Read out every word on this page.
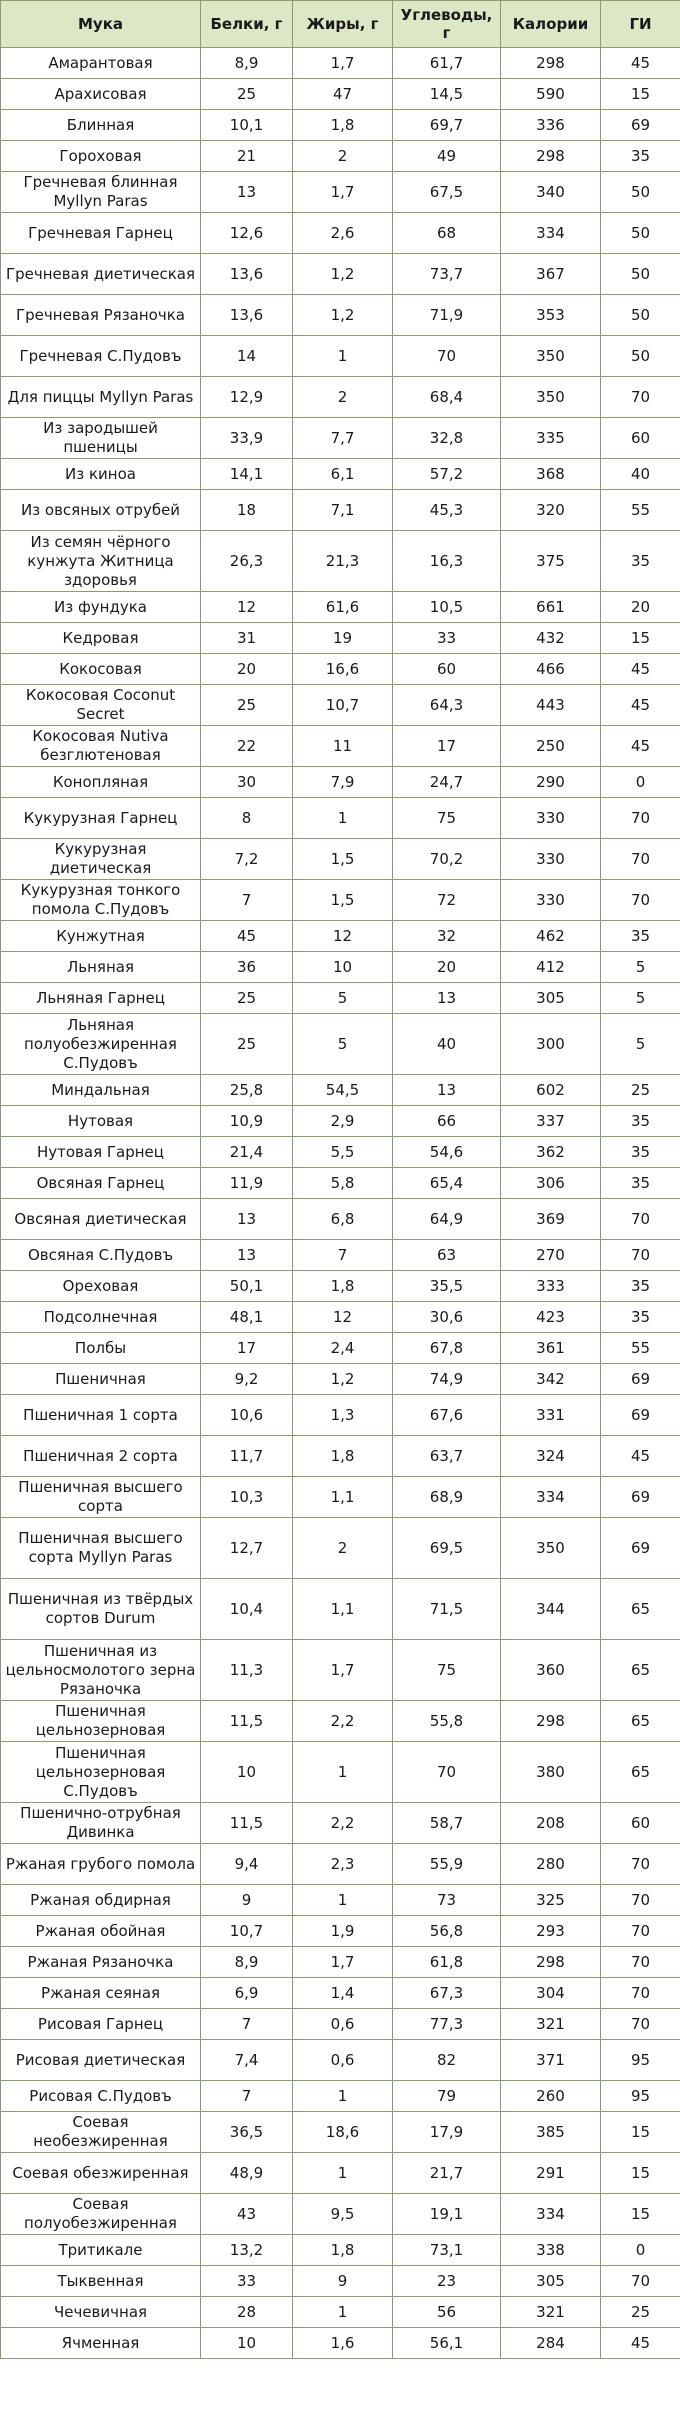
Мука	Белки, г	Жиры, г	Углеводы, г	Калории	ГИ
Амарантовая	8,9	1,7	61,7	298	45
Арахисовая	25	47	14,5	590	15
Блинная	10,1	1,8	69,7	336	69
Гороховая	21	2	49	298	35
Гречневая блинная Myllyn Paras	13	1,7	67,5	340	50
Гречневая Гарнец	12,6	2,6	68	334	50
Гречневая диетическая	13,6	1,2	73,7	367	50
Гречневая Рязаночка	13,6	1,2	71,9	353	50
Гречневая С.Пудовъ	14	1	70	350	50
Для пиццы Myllyn Paras	12,9	2	68,4	350	70
Из зародышей пшеницы	33,9	7,7	32,8	335	60
Из киноа	14,1	6,1	57,2	368	40
Из овсяных отрубей	18	7,1	45,3	320	55
Из семян чёрного кунжута Житница здоровья	26,3	21,3	16,3	375	35
Из фундука	12	61,6	10,5	661	20
Кедровая	31	19	33	432	15
Кокосовая	20	16,6	60	466	45
Кокосовая Coconut Secret	25	10,7	64,3	443	45
Кокосовая Nutiva безглютеновая	22	11	17	250	45
Конопляная	30	7,9	24,7	290	0
Кукурузная Гарнец	8	1	75	330	70
Кукурузная диетическая	7,2	1,5	70,2	330	70
Кукурузная тонкого помола С.Пудовъ	7	1,5	72	330	70
Кунжутная	45	12	32	462	35
Льняная	36	10	20	412	5
Льняная Гарнец	25	5	13	305	5
Льняная полуобезжиренная С.Пудовъ	25	5	40	300	5
Миндальная	25,8	54,5	13	602	25
Нутовая	10,9	2,9	66	337	35
Нутовая Гарнец	21,4	5,5	54,6	362	35
Овсяная Гарнец	11,9	5,8	65,4	306	35
Овсяная диетическая	13	6,8	64,9	369	70
Овсяная С.Пудовъ	13	7	63	270	70
Ореховая	50,1	1,8	35,5	333	35
Подсолнечная	48,1	12	30,6	423	35
Полбы	17	2,4	67,8	361	55
Пшеничная	9,2	1,2	74,9	342	69
Пшеничная 1 сорта	10,6	1,3	67,6	331	69
Пшеничная 2 сорта	11,7	1,8	63,7	324	45
Пшеничная высшего сорта	10,3	1,1	68,9	334	69
Пшеничная высшего сорта Myllyn Paras	12,7	2	69,5	350	69
Пшеничная из твёрдых сортов Durum	10,4	1,1	71,5	344	65
Пшеничная из цельносмолотого зерна Рязаночка	11,3	1,7	75	360	65
Пшеничная цельнозерновая	11,5	2,2	55,8	298	65
Пшеничная цельнозерновая С.Пудовъ	10	1	70	380	65
Пшенично-отрубная Дивинка	11,5	2,2	58,7	208	60
Ржаная грубого помола	9,4	2,3	55,9	280	70
Ржаная обдирная	9	1	73	325	70
Ржаная обойная	10,7	1,9	56,8	293	70
Ржаная Рязаночка	8,9	1,7	61,8	298	70
Ржаная сеяная	6,9	1,4	67,3	304	70
Рисовая Гарнец	7	0,6	77,3	321	70
Рисовая диетическая	7,4	0,6	82	371	95
Рисовая С.Пудовъ	7	1	79	260	95
Соевая необезжиренная	36,5	18,6	17,9	385	15
Соевая обезжиренная	48,9	1	21,7	291	15
Соевая полуобезжиренная	43	9,5	19,1	334	15
Тритикале	13,2	1,8	73,1	338	0
Тыквенная	33	9	23	305	70
Чечевичная	28	1	56	321	25
Ячменная	10	1,6	56,1	284	45
